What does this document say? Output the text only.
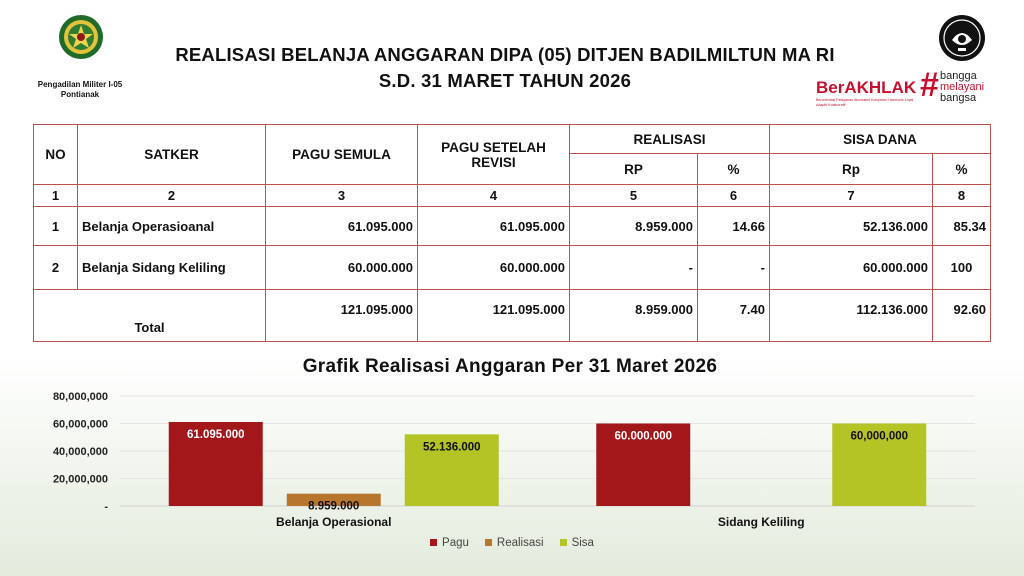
Pengadilan Militer I-05
Pontianak
REALISASI BELANJA ANGGARAN DIPA (05) DITJEN BADILMILTUN MA RI
S.D. 31 MARET TAHUN 2026	BerAKHLAK
Berorientasi Pelayanan Akuntabel Kompeten Harmonis Loyal Adaptif Kolaboratif
# bangga
melayani
bangsa
NO	SATKER	PAGU SEMULA	PAGU SETELAH REVISI	REALISASI		SISA DANA	
				RP	%	Rp	%
1	2	3	4	5	6	7	8
1	Belanja Operasioanal	61.095.000	61.095.000	8.959.000	14.66	52.136.000	85.34
2	Belanja Sidang Keliling	60.000.000	60.000.000	-	-	60.000.000	100
Total		121.095.000	121.095.000	8.959.000	7.40	112.136.000	92.60
Grafik Realisasi Anggaran Per 31 Maret 2026
-
20,000,000
40,000,000
60,000,000
80,000,000
61.095.000
8.959.000
52.136.000
Belanja Operasional
60.000.000	60,000,000
Sidang Keliling
Pagu Realisasi Sisa
